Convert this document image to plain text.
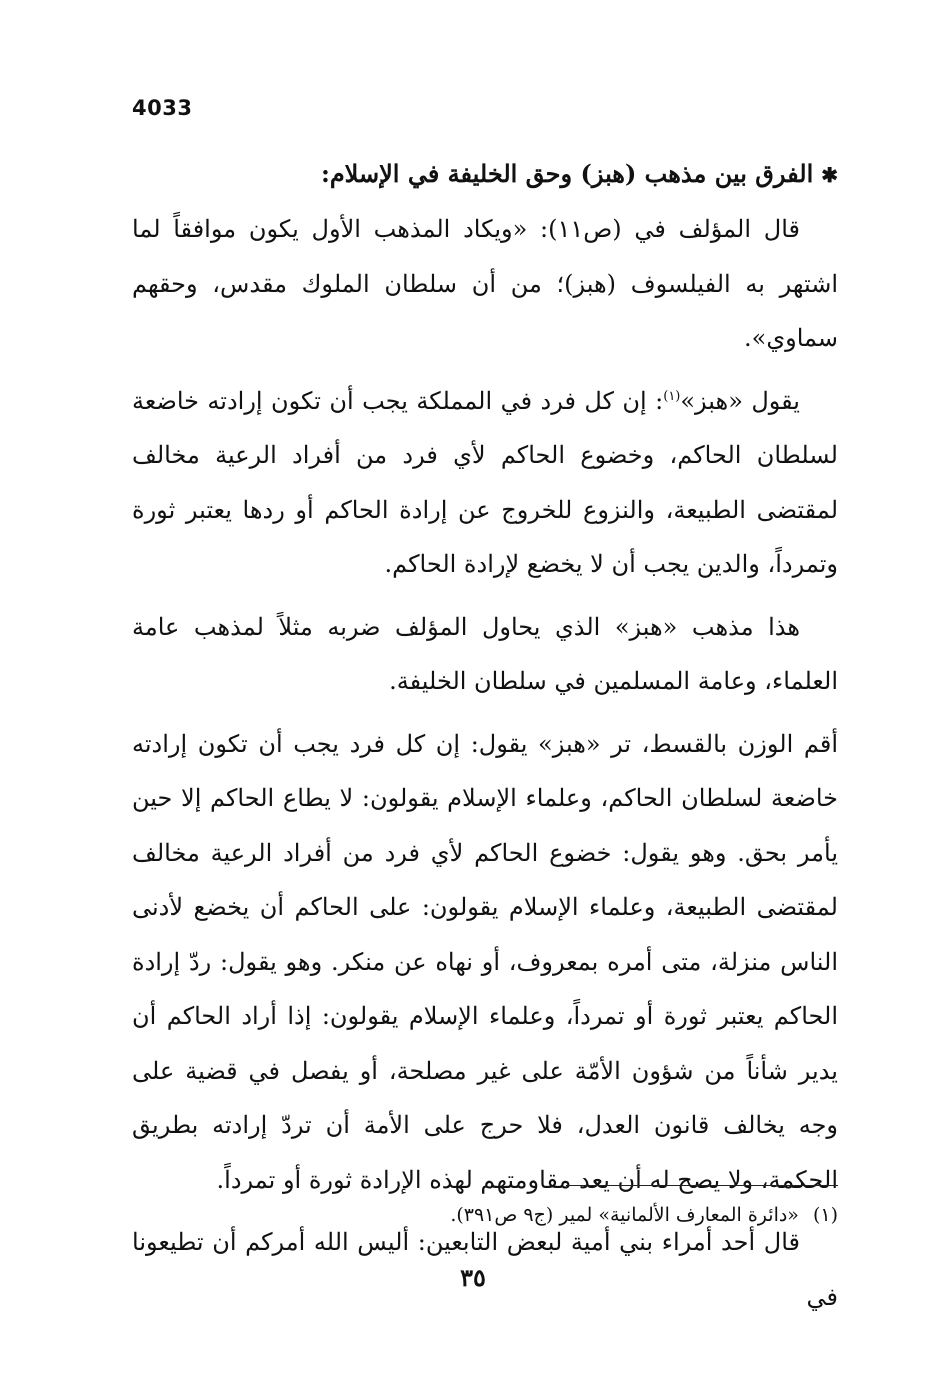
4033
✱الفرق بين مذهب (هبز) وحق الخليفة في الإسلام:

قال المؤلف في (ص١١): «ويكاد المذهب الأول يكون موافقاً لما اشتهر به الفيلسوف (هبز)؛ من أن سلطان الملوك مقدس، وحقهم سماوي».

يقول «هبز»$^{(١)}$: إن كل فرد في المملكة يجب أن تكون إرادته خاضعة لسلطان الحاكم، وخضوع الحاكم لأي فرد من أفراد الرعية مخالف لمقتضى الطبيعة، والنزوع للخروج عن إرادة الحاكم أو ردها يعتبر ثورة وتمرداً، والدين يجب أن لا يخضع لإرادة الحاكم.

هذا مذهب «هبز» الذي يحاول المؤلف ضربه مثلاً لمذهب عامة العلماء، وعامة المسلمين في سلطان الخليفة.

أقم الوزن بالقسط، تر «هبز» يقول: إن كل فرد يجب أن تكون إرادته خاضعة لسلطان الحاكم، وعلماء الإسلام يقولون: لا يطاع الحاكم إلا حين يأمر بحق. وهو يقول: خضوع الحاكم لأي فرد من أفراد الرعية مخالف لمقتضى الطبيعة، وعلماء الإسلام يقولون: على الحاكم أن يخضع لأدنى الناس منزلة، متى أمره بمعروف، أو نهاه عن منكر. وهو يقول: ردّ إرادة الحاكم يعتبر ثورة أو تمرداً، وعلماء الإسلام يقولون: إذا أراد الحاكم أن يدير شأناً من شؤون الأمّة على غير مصلحة، أو يفصل في قضية على وجه يخالف قانون العدل، فلا حرج على الأمة أن تردّ إرادته بطريق الحكمة، ولا يصح له أن يعد مقاومتهم لهذه الإرادة ثورة أو تمرداً.

قال أحد أمراء بني أمية لبعض التابعين: أليس الله أمركم أن تطيعونا في

(١)«دائرة المعارف الألمانية» لمير (ج٩ ص٣٩١).
٣٥
